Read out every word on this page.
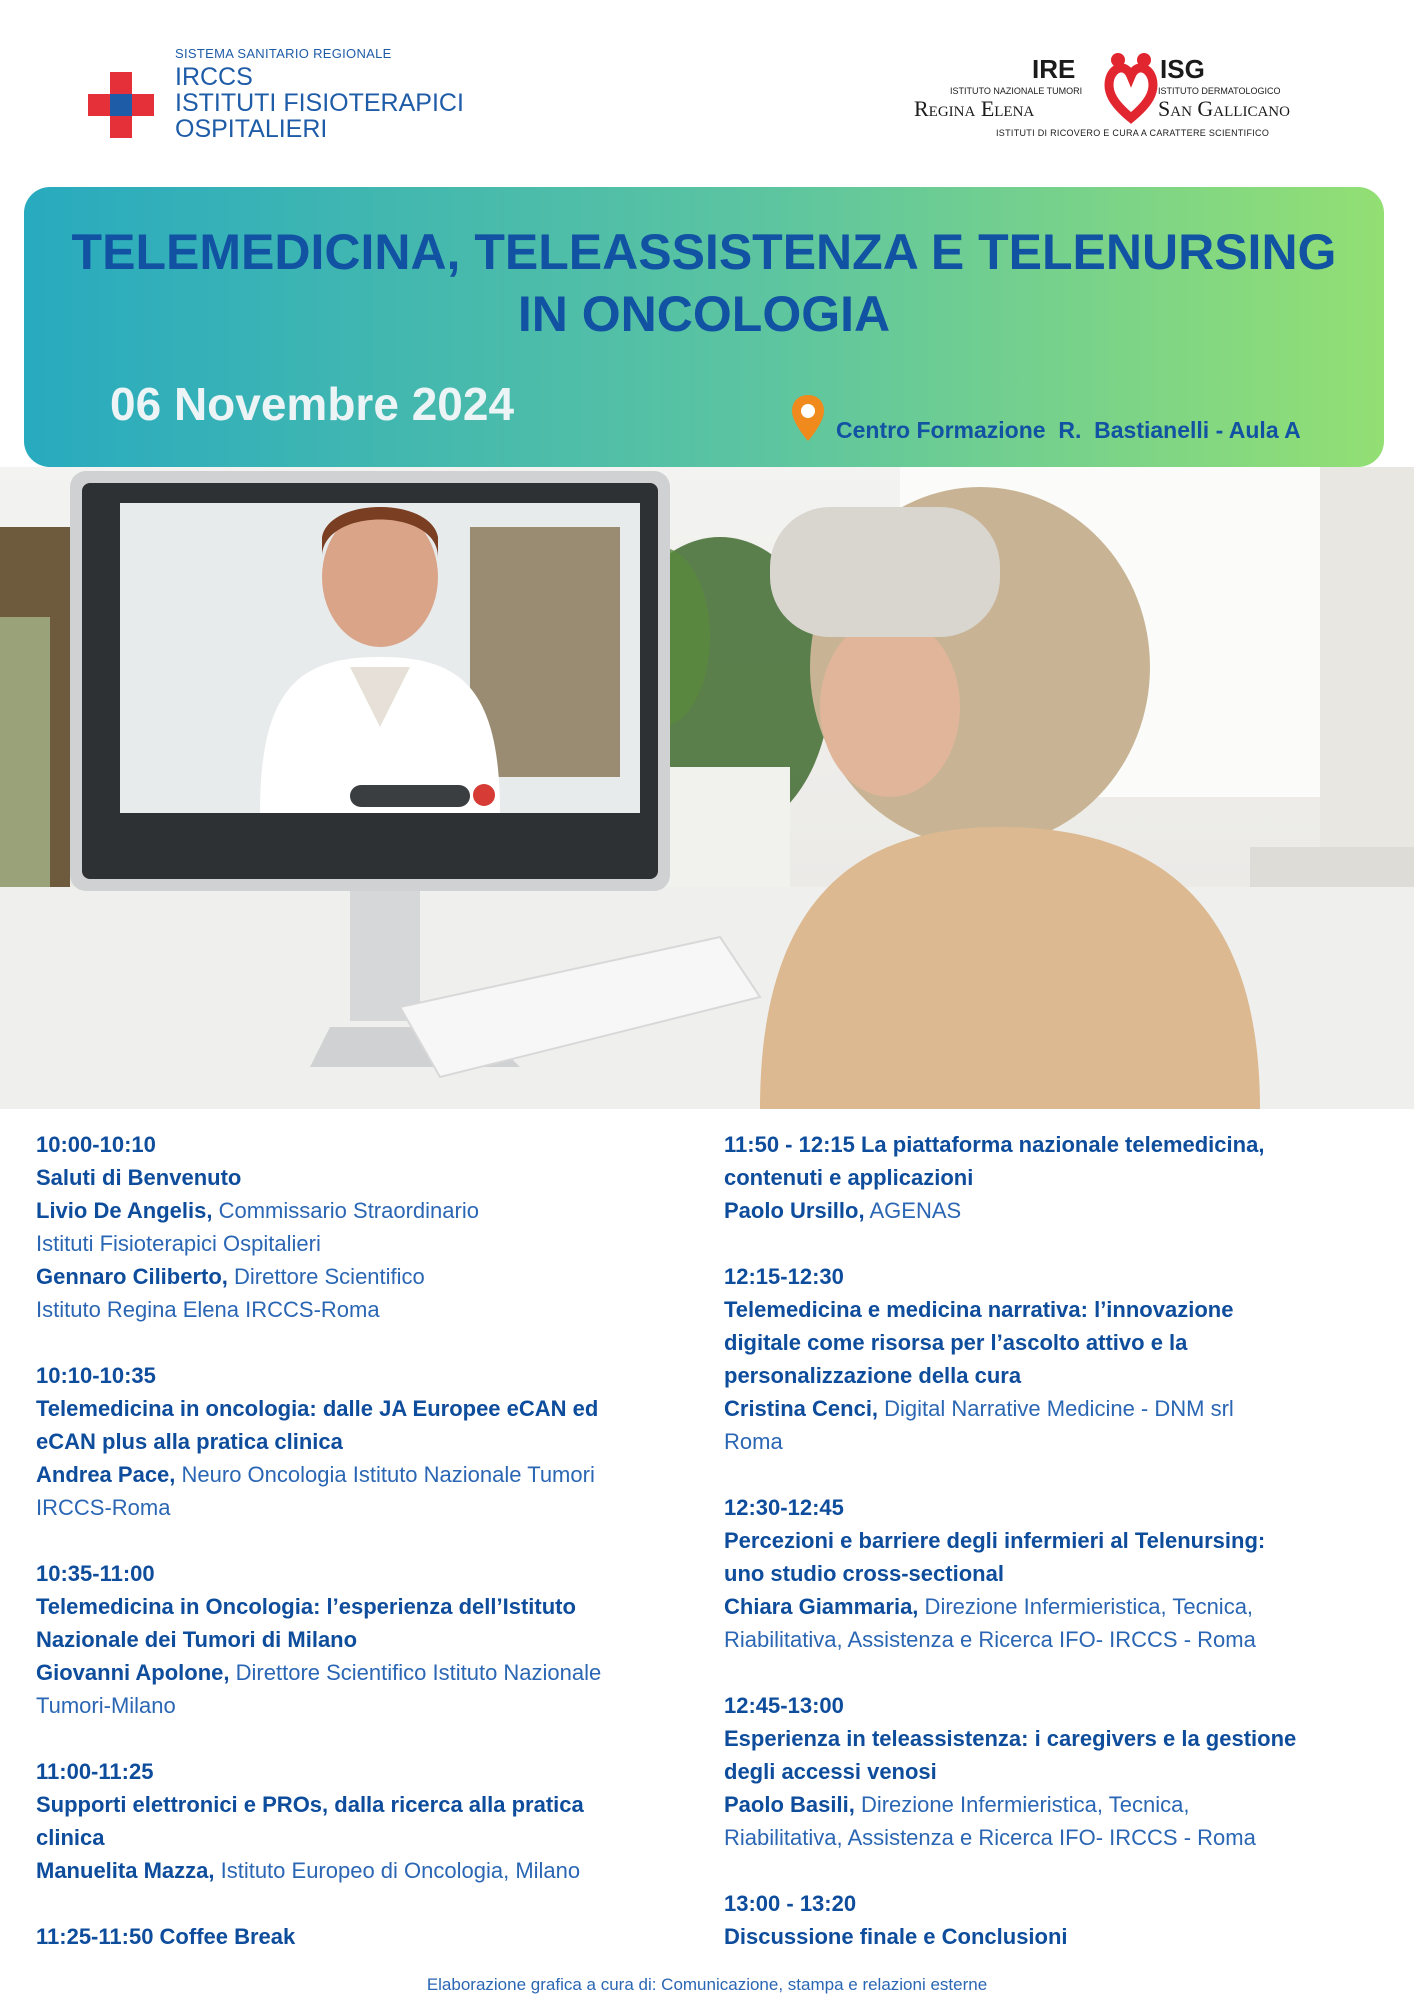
SISTEMA SANITARIO REGIONALE
IRCCS
ISTITUTI FISIOTERAPICI
OSPITALIERI
IRE	ISG
ISTITUTO NAZIONALE TUMORI	ISTITUTO DERMATOLOGICO
Regina Elena	San Gallicano
ISTITUTI DI RICOVERO E CURA A CARATTERE SCIENTIFICO
TELEMEDICINA, TELEASSISTENZA E TELENURSING
IN ONCOLOGIA
06 Novembre 2024	Centro Formazione  R.  Bastianelli - Aula A
10:00-10:10
Saluti di Benvenuto
Livio De Angelis, Commissario Straordinario
Istituti Fisioterapici Ospitalieri
Gennaro Ciliberto, Direttore Scientifico
Istituto Regina Elena IRCCS-Roma
10:10-10:35
Telemedicina in oncologia: dalle JA Europee eCAN ed
eCAN plus alla pratica clinica
Andrea Pace, Neuro Oncologia Istituto Nazionale Tumori
IRCCS-Roma
10:35-11:00
Telemedicina in Oncologia: l’esperienza dell’Istituto
Nazionale dei Tumori di Milano
Giovanni Apolone, Direttore Scientifico Istituto Nazionale
Tumori-Milano
11:00-11:25
Supporti elettronici e PROs, dalla ricerca alla pratica
clinica
Manuelita Mazza, Istituto Europeo di Oncologia, Milano
11:25-11:50 Coffee Break
11:50 - 12:15 La piattaforma nazionale telemedicina,
contenuti e applicazioni
Paolo Ursillo, AGENAS
12:15-12:30
Telemedicina e medicina narrativa: l’innovazione
digitale come risorsa per l’ascolto attivo e la
personalizzazione della cura
Cristina Cenci, Digital Narrative Medicine - DNM srl
Roma
12:30-12:45
Percezioni e barriere degli infermieri al Telenursing:
uno studio cross-sectional
Chiara Giammaria, Direzione Infermieristica, Tecnica,
Riabilitativa, Assistenza e Ricerca IFO- IRCCS - Roma
12:45-13:00
Esperienza in teleassistenza: i caregivers e la gestione
degli accessi venosi
Paolo Basili, Direzione Infermieristica, Tecnica,
Riabilitativa, Assistenza e Ricerca IFO- IRCCS - Roma
13:00 - 13:20
Discussione finale e Conclusioni
Elaborazione grafica a cura di: Comunicazione, stampa e relazioni esterne
